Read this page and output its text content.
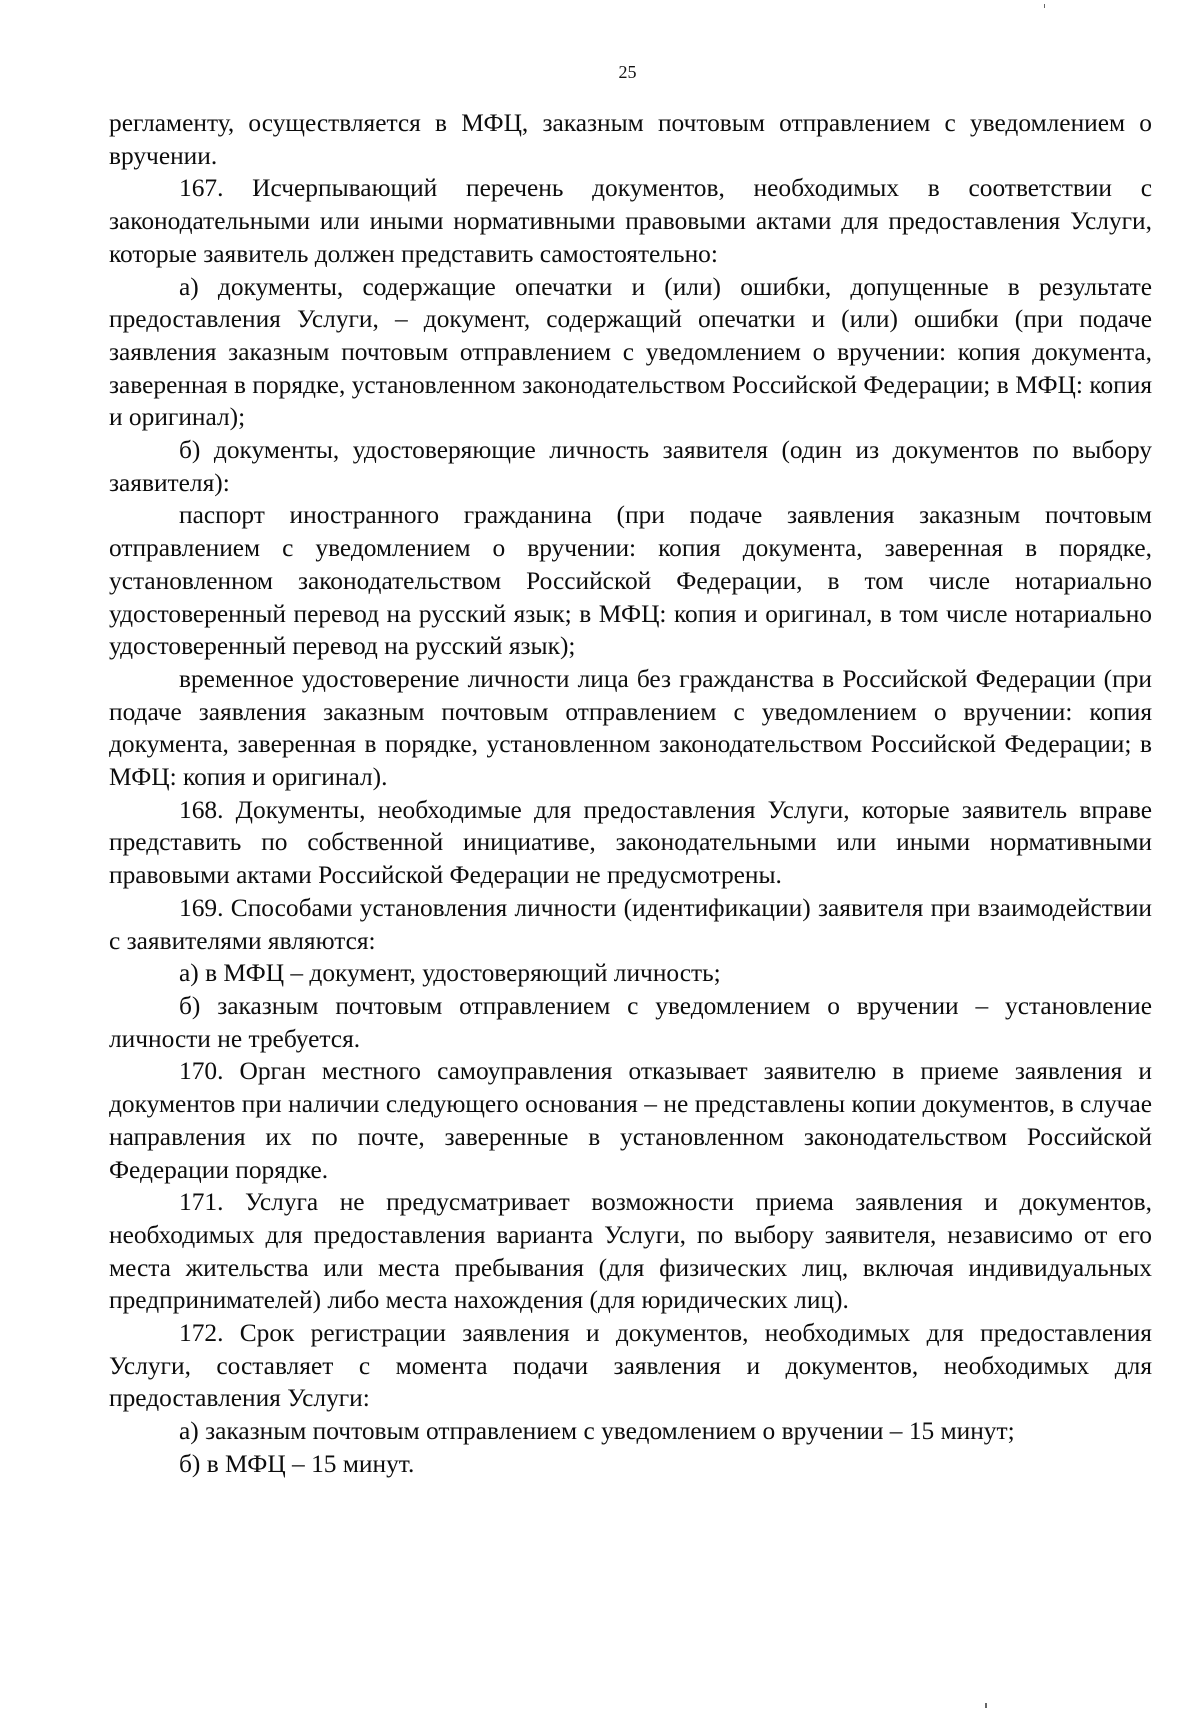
25

регламенту, осуществляется в МФЦ, заказным почтовым отправлением с уведомлением о вручении.

167. Исчерпывающий перечень документов, необходимых в соответствии с законодательными или иными нормативными правовыми актами для предоставления Услуги, которые заявитель должен представить самостоятельно:

а) документы, содержащие опечатки и (или) ошибки, допущенные в результате предоставления Услуги, – документ, содержащий опечатки и (или) ошибки (при подаче заявления заказным почтовым отправлением с уведомлением о вручении: копия документа, заверенная в порядке, установленном законодательством Российской Федерации; в МФЦ: копия и оригинал);

б) документы, удостоверяющие личность заявителя (один из документов по выбору заявителя):

паспорт иностранного гражданина (при подаче заявления заказным почтовым отправлением с уведомлением о вручении: копия документа, заверенная в порядке, установленном законодательством Российской Федерации, в том числе нотариально удостоверенный перевод на русский язык; в МФЦ: копия и оригинал, в том числе нотариально удостоверенный перевод на русский язык);

временное удостоверение личности лица без гражданства в Российской Федерации (при подаче заявления заказным почтовым отправлением с уведомлением о вручении: копия документа, заверенная в порядке, установленном законодательством Российской Федерации; в МФЦ: копия и оригинал).

168. Документы, необходимые для предоставления Услуги, которые заявитель вправе представить по собственной инициативе, законодательными или иными нормативными правовыми актами Российской Федерации не предусмотрены.

169. Способами установления личности (идентификации) заявителя при взаимодействии с заявителями являются:

а) в МФЦ – документ, удостоверяющий личность;

б) заказным почтовым отправлением с уведомлением о вручении – установление личности не требуется.

170. Орган местного самоуправления отказывает заявителю в приеме заявления и документов при наличии следующего основания – не представлены копии документов, в случае направления их по почте, заверенные в установленном законодательством Российской Федерации порядке.

171. Услуга не предусматривает возможности приема заявления и документов, необходимых для предоставления варианта Услуги, по выбору заявителя, независимо от его места жительства или места пребывания (для физических лиц, включая индивидуальных предпринимателей) либо места нахождения (для юридических лиц).

172. Срок регистрации заявления и документов, необходимых для предоставления Услуги, составляет с момента подачи заявления и документов, необходимых для предоставления Услуги:

а) заказным почтовым отправлением с уведомлением о вручении – 15 минут;

б) в МФЦ – 15 минут.
